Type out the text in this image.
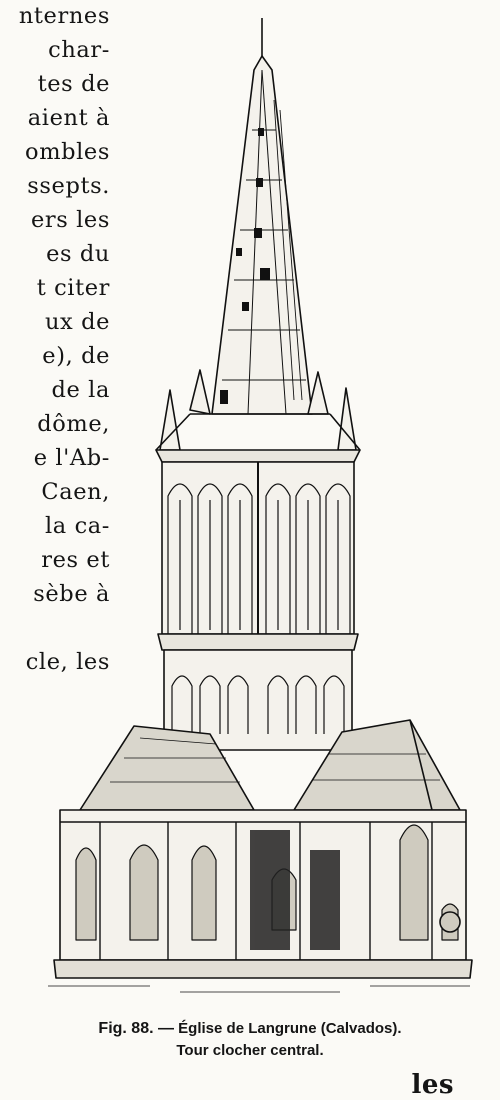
nternes
char-
tes de
aient à
ombles
ssepts.
ers les
es du
t citer
ux de
e), de
de la
dôme,
e l'Ab-
Caen,
la ca-
res et
sèbe à
cle, les
Fig. 88. — Église de Langrune (Calvados).
Tour clocher central.
les
